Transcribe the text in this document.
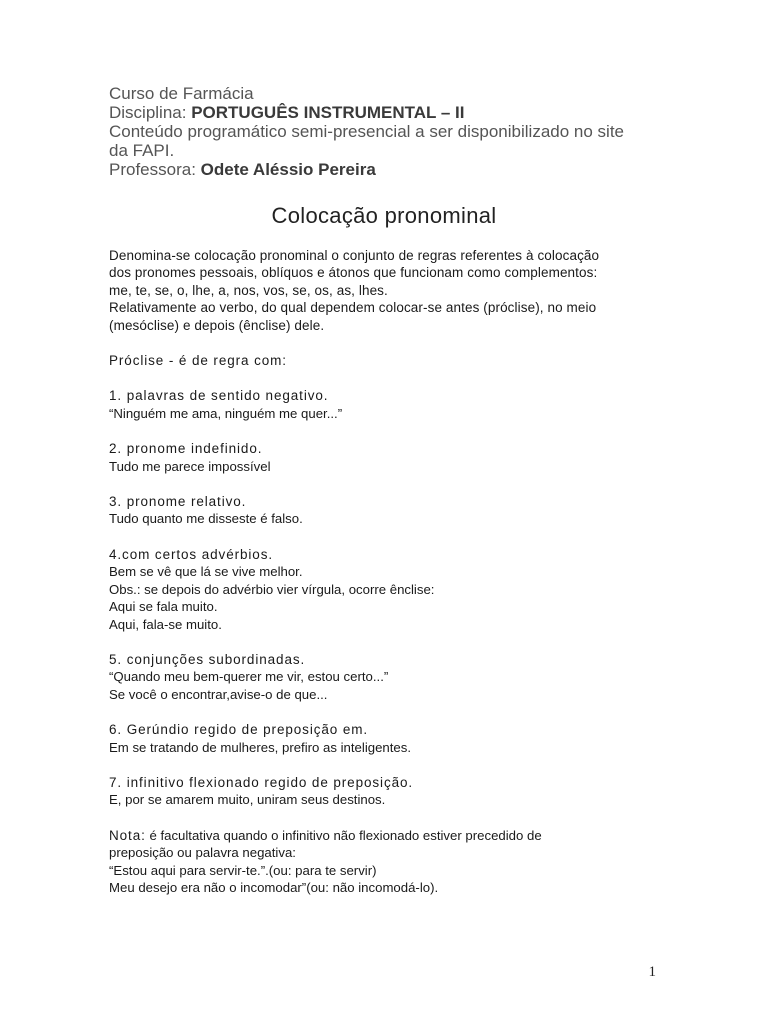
Curso de Farmácia
Disciplina: PORTUGUÊS INSTRUMENTAL – II
Conteúdo programático semi-presencial a ser disponibilizado no site
da FAPI.
Professora: Odete Aléssio Pereira
Colocação pronominal

Denomina-se colocação pronominal o conjunto de regras referentes à colocação

dos pronomes pessoais, oblíquos e átonos que funcionam como complementos:

me, te, se, o, lhe, a, nos, vos, se, os, as, lhes.

Relativamente ao verbo, do qual dependem colocar-se antes (próclise), no meio

(mesóclise) e depois (ênclise) dele.

Próclise - é de regra com:

1. palavras de sentido negativo.

“Ninguém me ama, ninguém me quer...”

2. pronome indefinido.

Tudo me parece impossível

3. pronome relativo.

Tudo quanto me disseste é falso.

4.com certos advérbios.

Bem se vê que lá se vive melhor.

Obs.: se depois do advérbio vier vírgula, ocorre ênclise:

Aqui se fala muito.

Aqui, fala-se muito.

5. conjunções subordinadas.

“Quando meu bem-querer me vir, estou certo...”

Se você o encontrar,avise-o de que...

6. Gerúndio regido de preposição em.

Em se tratando de mulheres, prefiro as inteligentes.

7. infinitivo flexionado regido de preposição.

E, por se amarem muito, uniram seus destinos.

Nota: é facultativa quando o infinitivo não flexionado estiver precedido de

preposição ou palavra negativa:

“Estou aqui para servir-te.”.(ou: para te servir)

Meu desejo era não o incomodar”(ou: não incomodá-lo).

1
